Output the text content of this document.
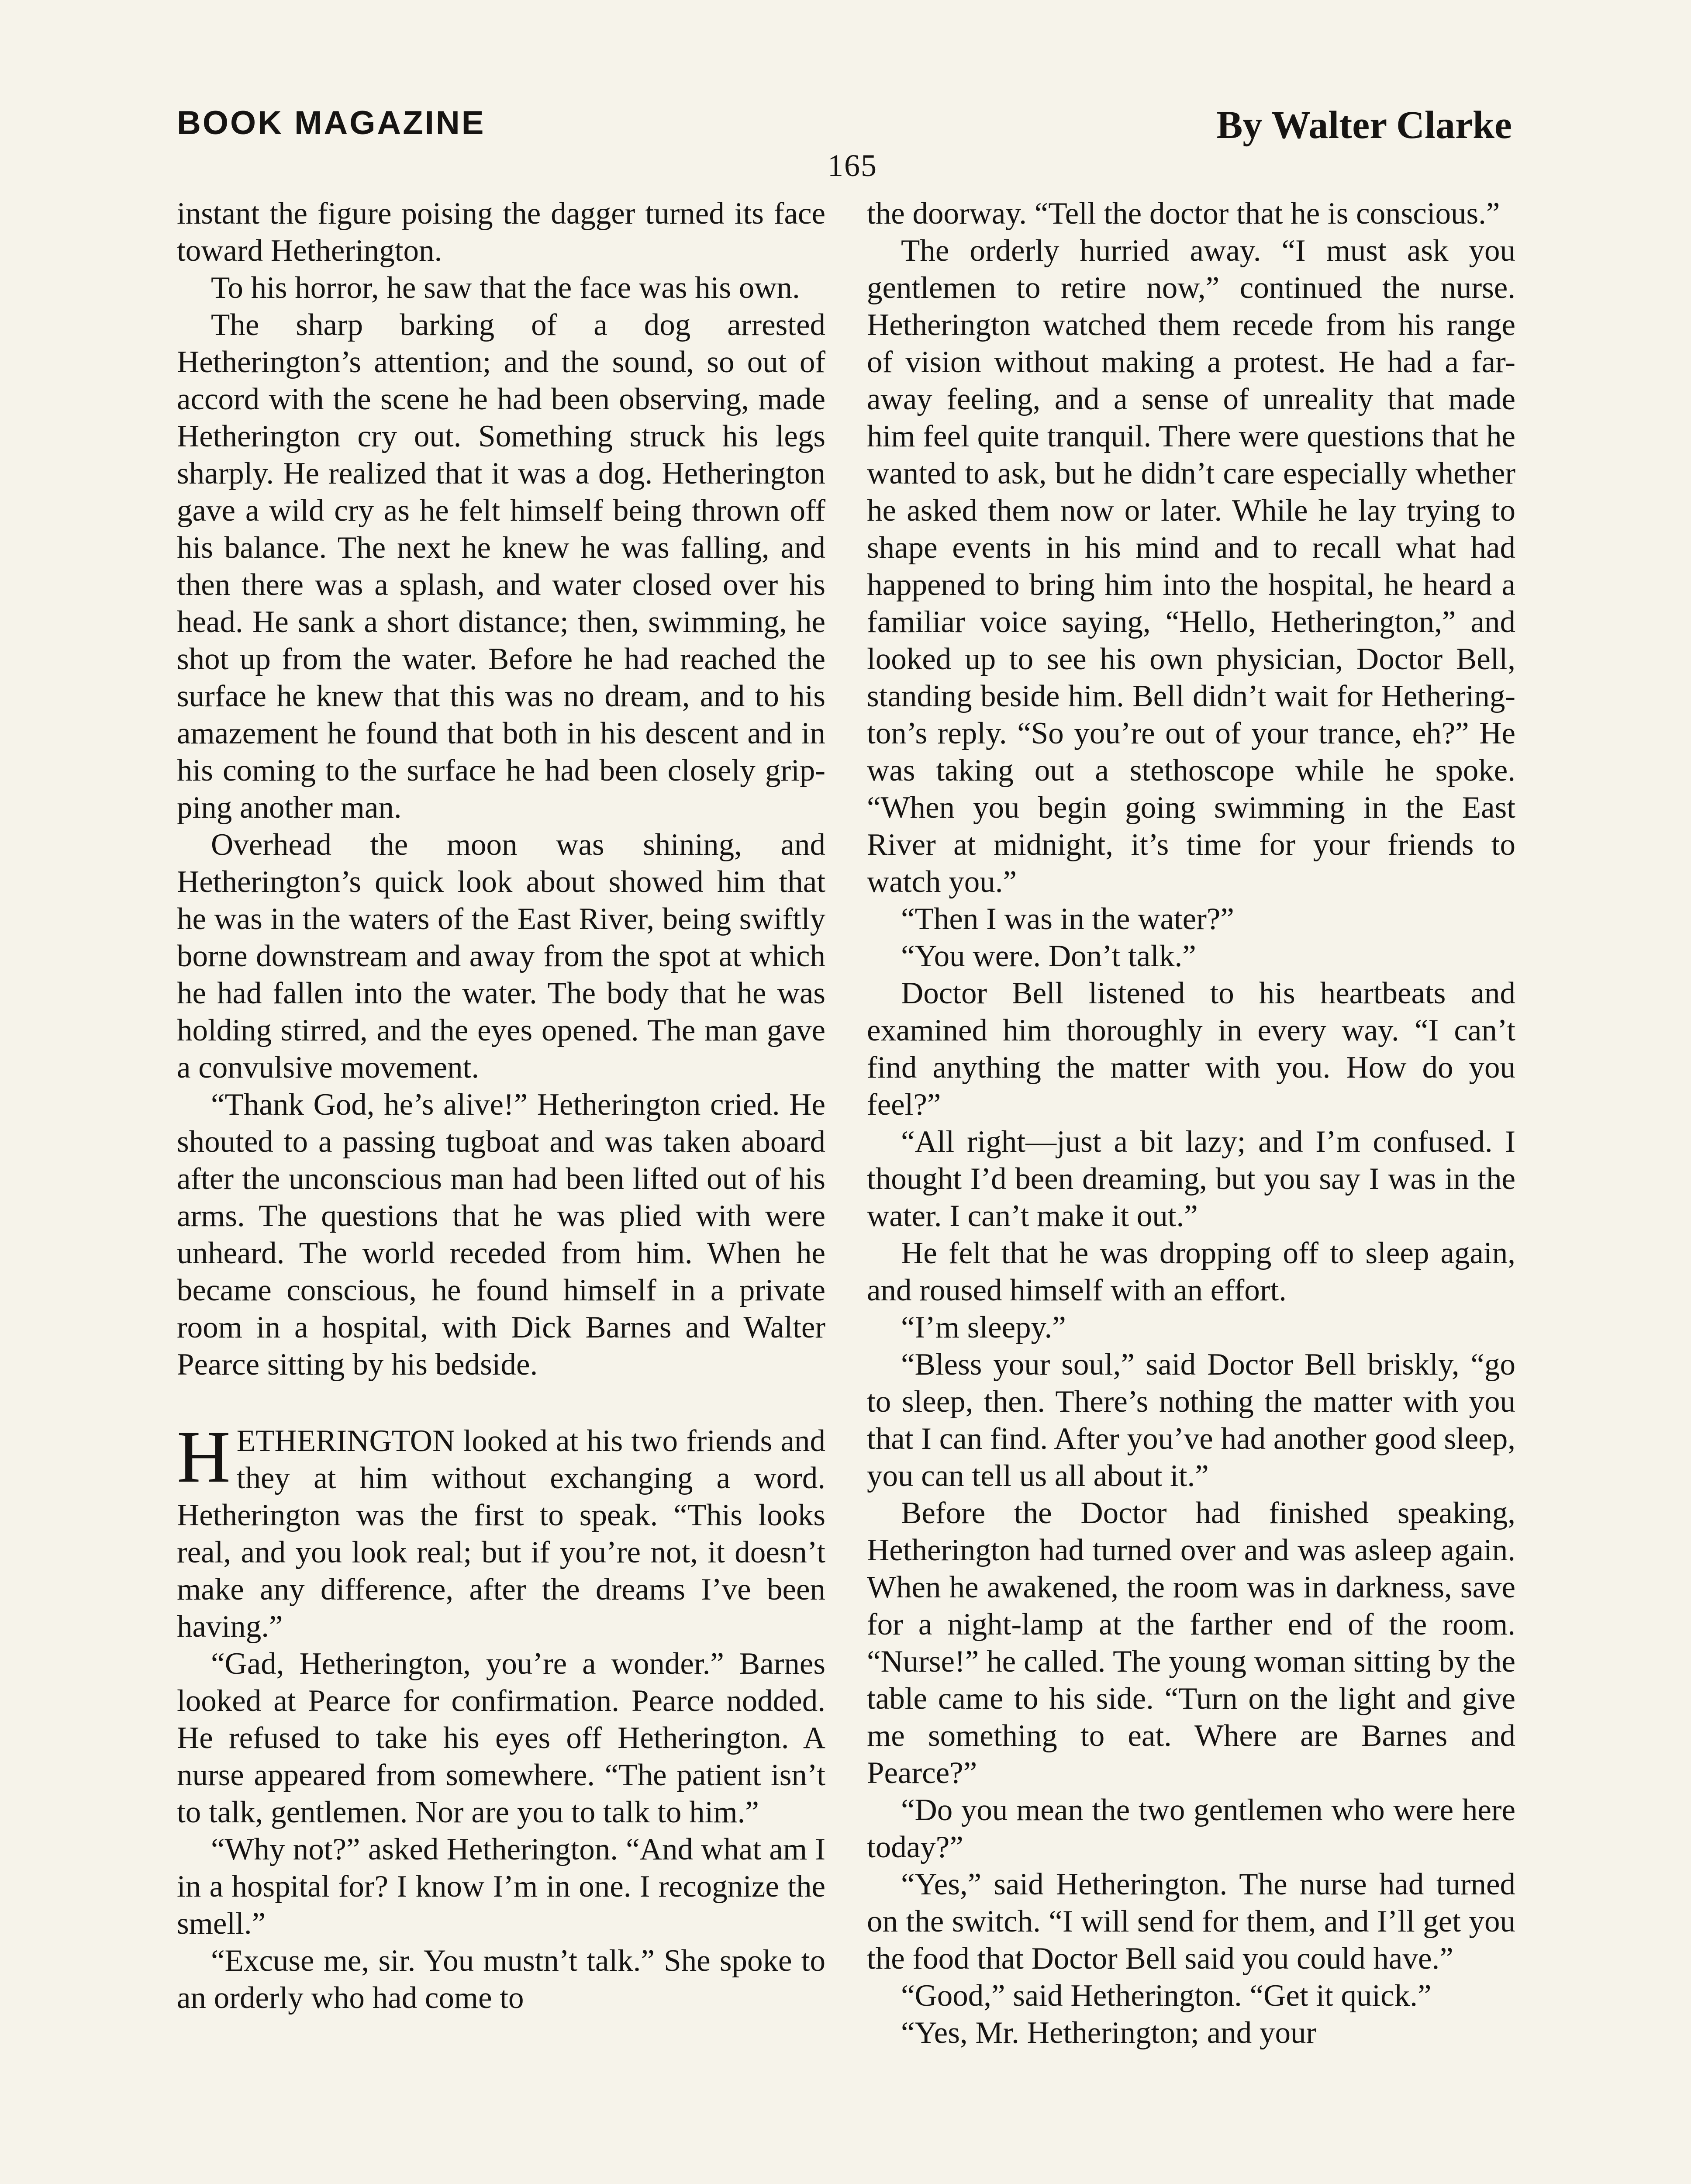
BOOK MAGAZINE	By Walter Clarke
165

instant the figure poising the dagger turned its face toward Hetherington.

To his horror, he saw that the face was his own.

The sharp barking of a dog arrested Hetherington’s attention; and the sound, so out of accord with the scene he had been observing, made Hetherington cry out. Something struck his legs sharply. He realized that it was a dog. Hetherington gave a wild cry as he felt himself being thrown off his balance. The next he knew he was falling, and then there was a splash, and water closed over his head. He sank a short distance; then, swimming, he shot up from the water. Before he had reached the surface he knew that this was no dream, and to his amazement he found that both in his descent and in his coming to the surface he had been closely gripping another man.

Overhead the moon was shining, and Hetherington’s quick look about showed him that he was in the waters of the East River, being swiftly borne downstream and away from the spot at which he had fallen into the water. The body that he was holding stirred, and the eyes opened. The man gave a convulsive movement.

“Thank God, he’s alive!” Hetherington cried. He shouted to a passing tugboat and was taken aboard after the unconscious man had been lifted out of his arms. The questions that he was plied with were unheard. The world receded from him. When he became conscious, he found himself in a private room in a hospital, with Dick Barnes and Walter Pearce sitting by his bedside.

HETHERINGTON looked at his two friends and they at him without exchanging a word. Hetherington was the first to speak. “This looks real, and you look real; but if you’re not, it doesn’t make any difference, after the dreams I’ve been having.”

“Gad, Hetherington, you’re a wonder.” Barnes looked at Pearce for confirmation. Pearce nodded. He refused to take his eyes off Hetherington. A nurse appeared from somewhere. “The patient isn’t to talk, gentlemen. Nor are you to talk to him.”

“Why not?” asked Hetherington. “And what am I in a hospital for? I know I’m in one. I recognize the smell.”

“Excuse me, sir. You mustn’t talk.” She spoke to an orderly who had come to

the doorway. “Tell the doctor that he is conscious.”

The orderly hurried away. “I must ask you gentlemen to retire now,” continued the nurse. Hetherington watched them recede from his range of vision without making a protest. He had a far-away feeling, and a sense of unreality that made him feel quite tranquil. There were questions that he wanted to ask, but he didn’t care especially whether he asked them now or later. While he lay trying to shape events in his mind and to recall what had happened to bring him into the hospital, he heard a familiar voice saying, “Hello, Hetherington,” and looked up to see his own physician, Doctor Bell, standing beside him. Bell didn’t wait for Hetherington’s reply. “So you’re out of your trance, eh?” He was taking out a stethoscope while he spoke. “When you begin going swimming in the East River at midnight, it’s time for your friends to watch you.”

“Then I was in the water?”

“You were. Don’t talk.”

Doctor Bell listened to his heartbeats and examined him thoroughly in every way. “I can’t find anything the matter with you. How do you feel?”

“All right—just a bit lazy; and I’m confused. I thought I’d been dreaming, but you say I was in the water. I can’t make it out.”

He felt that he was dropping off to sleep again, and roused himself with an effort.

“I’m sleepy.”

“Bless your soul,” said Doctor Bell briskly, “go to sleep, then. There’s nothing the matter with you that I can find. After you’ve had another good sleep, you can tell us all about it.”

Before the Doctor had finished speaking, Hetherington had turned over and was asleep again. When he awakened, the room was in darkness, save for a night-lamp at the farther end of the room. “Nurse!” he called. The young woman sitting by the table came to his side. “Turn on the light and give me something to eat. Where are Barnes and Pearce?”

“Do you mean the two gentlemen who were here today?”

“Yes,” said Hetherington. The nurse had turned on the switch. “I will send for them, and I’ll get you the food that Doctor Bell said you could have.”

“Good,” said Hetherington. “Get it quick.”

“Yes, Mr. Hetherington; and your
